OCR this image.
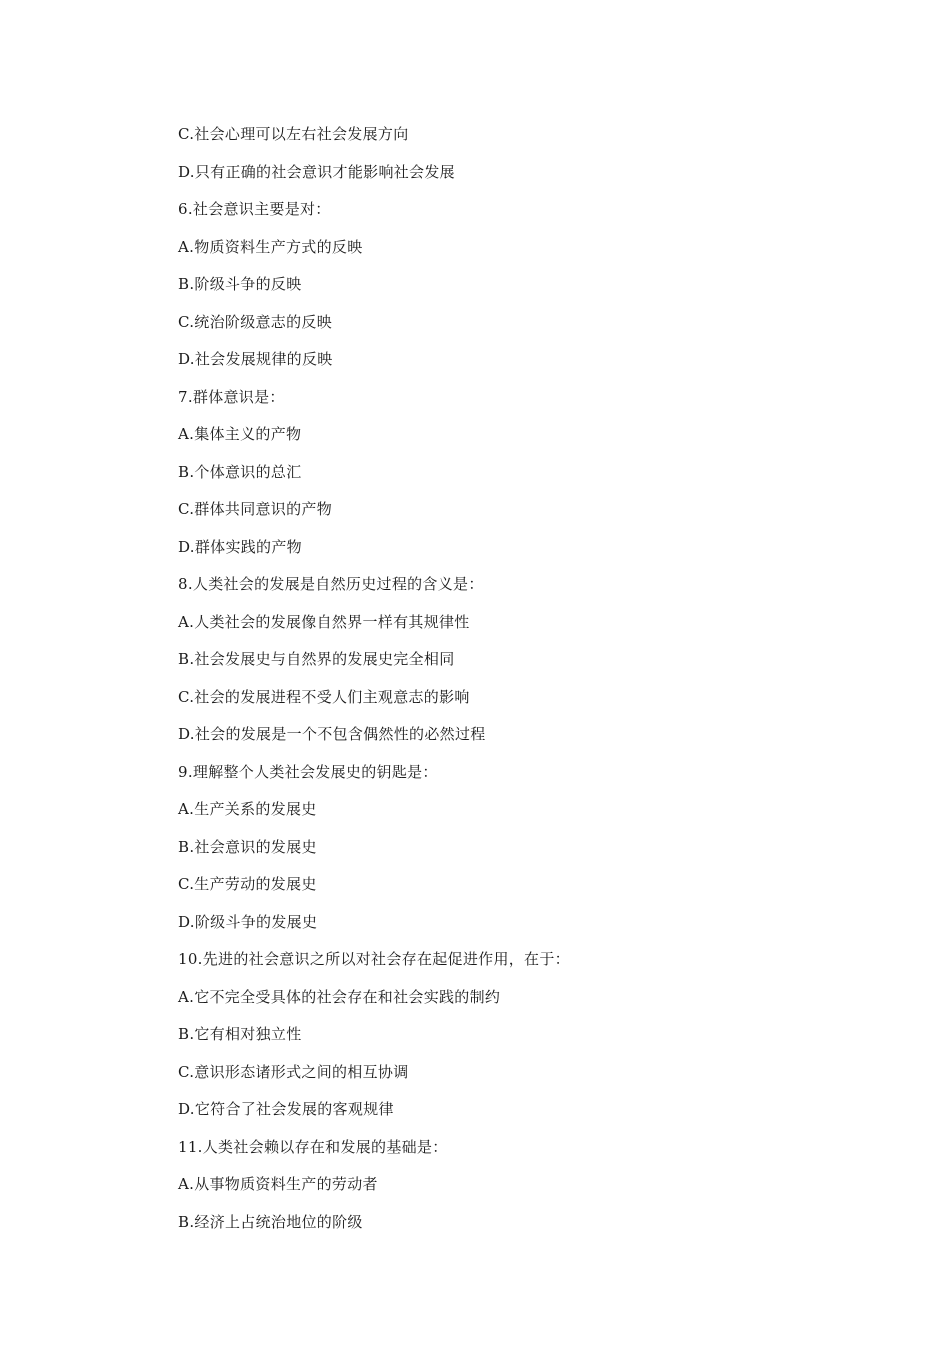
C.社会心理可以左右社会发展方向
D.只有正确的社会意识才能影响社会发展
6.社会意识主要是对：
A.物质资料生产方式的反映
B.阶级斗争的反映
C.统治阶级意志的反映
D.社会发展规律的反映
7.群体意识是：
A.集体主义的产物
B.个体意识的总汇
C.群体共同意识的产物
D.群体实践的产物
8.人类社会的发展是自然历史过程的含义是：
A.人类社会的发展像自然界一样有其规律性
B.社会发展史与自然界的发展史完全相同
C.社会的发展进程不受人们主观意志的影响
D.社会的发展是一个不包含偶然性的必然过程
9.理解整个人类社会发展史的钥匙是：
A.生产关系的发展史
B.社会意识的发展史
C.生产劳动的发展史
D.阶级斗争的发展史
10.先进的社会意识之所以对社会存在起促进作用，在于：
A.它不完全受具体的社会存在和社会实践的制约
B.它有相对独立性
C.意识形态诸形式之间的相互协调
D.它符合了社会发展的客观规律
11.人类社会赖以存在和发展的基础是：
A.从事物质资料生产的劳动者
B.经济上占统治地位的阶级
